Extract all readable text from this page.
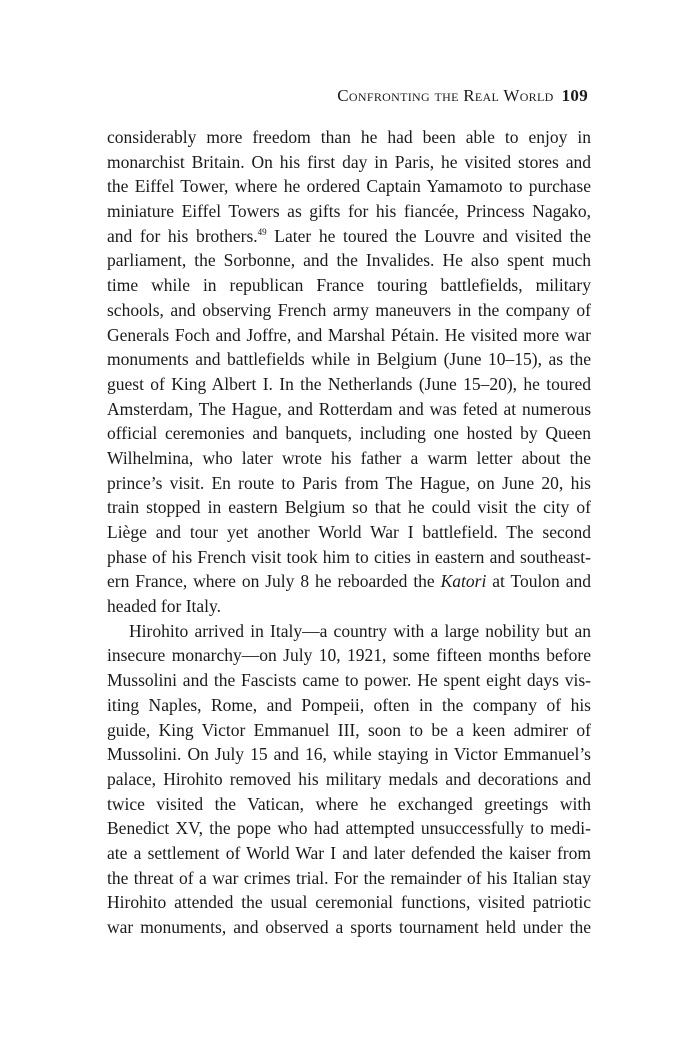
Confronting the Real World 109
considerably more freedom than he had been able to enjoy in
monarchist Britain. On his first day in Paris, he visited stores and
the Eiffel Tower, where he ordered Captain Yamamoto to purchase
miniature Eiffel Towers as gifts for his fiancée, Princess Nagako,
and for his brothers.$^{49}$ Later he toured the Louvre and visited the
parliament, the Sorbonne, and the Invalides. He also spent much
time while in republican France touring battlefields, military
schools, and observing French army maneuvers in the company of
Generals Foch and Joffre, and Marshal Pétain. He visited more war
monuments and battlefields while in Belgium (June 10–15), as the
guest of King Albert I. In the Netherlands (June 15–20), he toured
Amsterdam, The Hague, and Rotterdam and was feted at numerous
official ceremonies and banquets, including one hosted by Queen
Wilhelmina, who later wrote his father a warm letter about the
prince’s visit. En route to Paris from The Hague, on June 20, his
train stopped in eastern Belgium so that he could visit the city of
Liège and tour yet another World War I battlefield. The second
phase of his French visit took him to cities in eastern and southeast-
ern France, where on July 8 he reboarded the Katori at Toulon and
headed for Italy.
Hirohito arrived in Italy—a country with a large nobility but an
insecure monarchy—on July 10, 1921, some fifteen months before
Mussolini and the Fascists came to power. He spent eight days vis-
iting Naples, Rome, and Pompeii, often in the company of his
guide, King Victor Emmanuel III, soon to be a keen admirer of
Mussolini. On July 15 and 16, while staying in Victor Emmanuel’s
palace, Hirohito removed his military medals and decorations and
twice visited the Vatican, where he exchanged greetings with
Benedict XV, the pope who had attempted unsuccessfully to medi-
ate a settlement of World War I and later defended the kaiser from
the threat of a war crimes trial. For the remainder of his Italian stay
Hirohito attended the usual ceremonial functions, visited patriotic
war monuments, and observed a sports tournament held under the
